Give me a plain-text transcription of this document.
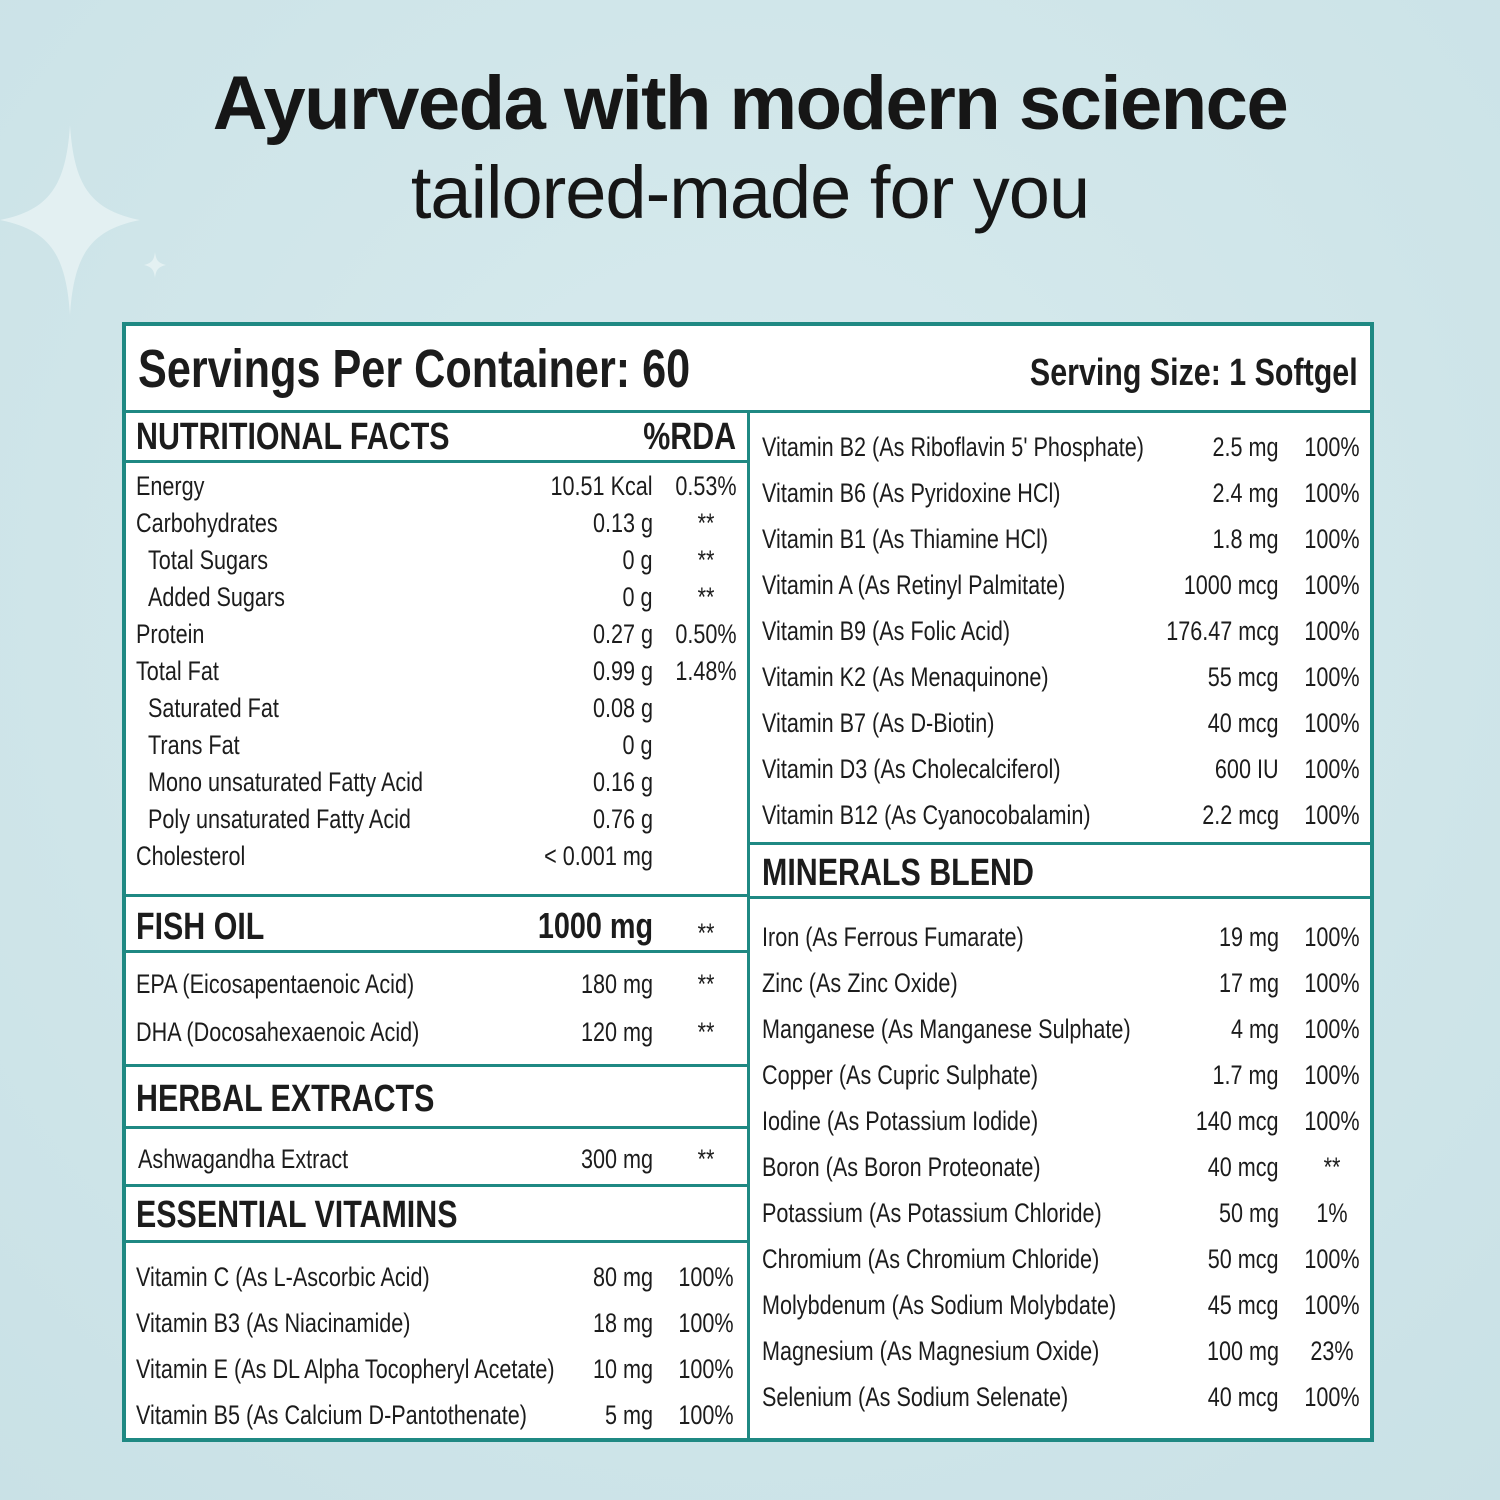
Ayurveda with modern science
tailored-made for you
Servings Per Container: 60	Serving Size: 1 Softgel
NUTRITIONAL FACTS	%RDA
Energy	10.51 Kcal 0.53%
Carbohydrates	0.13 g **
Total Sugars	0 g **
Added Sugars	0 g **
Protein	0.27 g 0.50%
Total Fat	0.99 g 1.48%
Saturated Fat	0.08 g
Trans Fat	0 g
Mono unsaturated Fatty Acid	0.16 g
Poly unsaturated Fatty Acid	0.76 g
Cholesterol	< 0.001 mg
FISH OIL	1000 mg **
EPA (Eicosapentaenoic Acid)	180 mg **
DHA (Docosahexaenoic Acid)	120 mg **
HERBAL EXTRACTS
Ashwagandha Extract	300 mg **
ESSENTIAL VITAMINS
Vitamin C (As L-Ascorbic Acid)	80 mg 100%
Vitamin B3 (As Niacinamide)	18 mg 100%
Vitamin E (As DL Alpha Tocopheryl Acetate) 10 mg 100%
Vitamin B5 (As Calcium D-Pantothenate)	5 mg 100%
Vitamin B2 (As Riboflavin 5' Phosphate)	2.5 mg 100%
Vitamin B6 (As Pyridoxine HCl)	2.4 mg 100%
Vitamin B1 (As Thiamine HCl)	1.8 mg 100%
Vitamin A (As Retinyl Palmitate)	1000 mcg 100%
Vitamin B9 (As Folic Acid)	176.47 mcg 100%
Vitamin K2 (As Menaquinone)	55 mcg 100%
Vitamin B7 (As D-Biotin)	40 mcg 100%
Vitamin D3 (As Cholecalciferol)	600 IU 100%
Vitamin B12 (As Cyanocobalamin)	2.2 mcg 100%
MINERALS BLEND
Iron (As Ferrous Fumarate)	19 mg 100%
Zinc (As Zinc Oxide)	17 mg 100%
Manganese (As Manganese Sulphate)	4 mg 100%
Copper (As Cupric Sulphate)	1.7 mg 100%
Iodine (As Potassium Iodide)	140 mcg 100%
Boron (As Boron Proteonate)	40 mcg **
Potassium (As Potassium Chloride)	50 mg 1%
Chromium (As Chromium Chloride)	50 mcg 100%
Molybdenum (As Sodium Molybdate)	45 mcg 100%
Magnesium (As Magnesium Oxide)	100 mg 23%
Selenium (As Sodium Selenate)	40 mcg 100%
